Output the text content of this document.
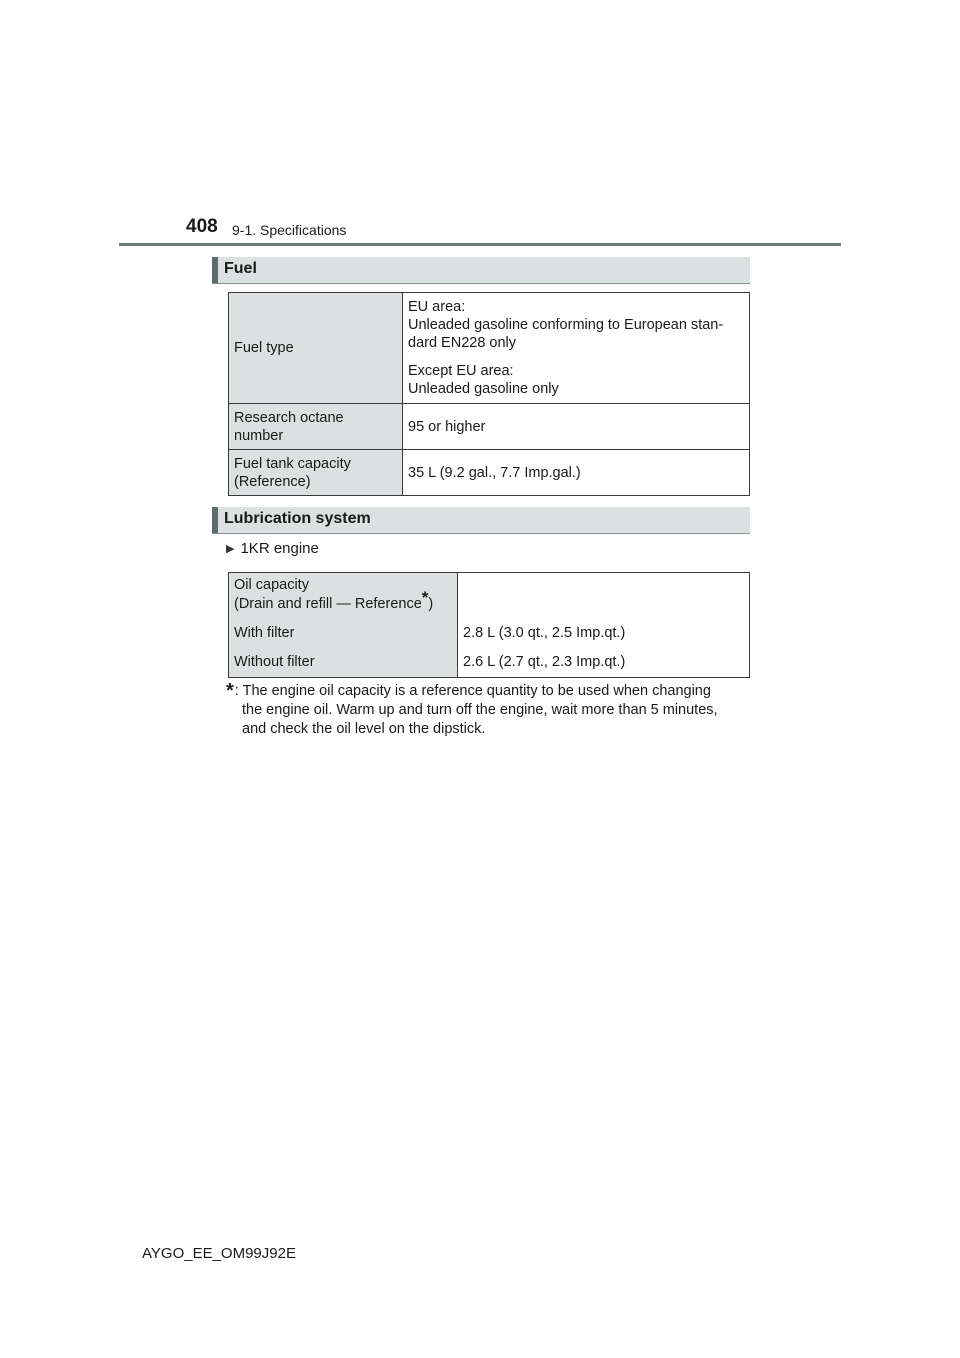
408 9-1. Specifications
Fuel
Fuel type	EU area:
Unleaded gasoline conforming to European stan-
dard EN228 only

Except EU area:
Unleaded gasoline only

Research octane
number	95 or higher
Fuel tank capacity
(Reference)	35 L (9.2 gal., 7.7 Imp.gal.)
Lubrication system
▶ 1KR engine
Oil capacity
(Drain and refill — Reference*)	
With filter	2.8 L (3.0 qt., 2.5 Imp.qt.)
Without filter	2.6 L (2.7 qt., 2.3 Imp.qt.)
*: The engine oil capacity is a reference quantity to be used when changing
the engine oil. Warm up and turn off the engine, wait more than 5 minutes,
and check the oil level on the dipstick.
AYGO_EE_OM99J92E
